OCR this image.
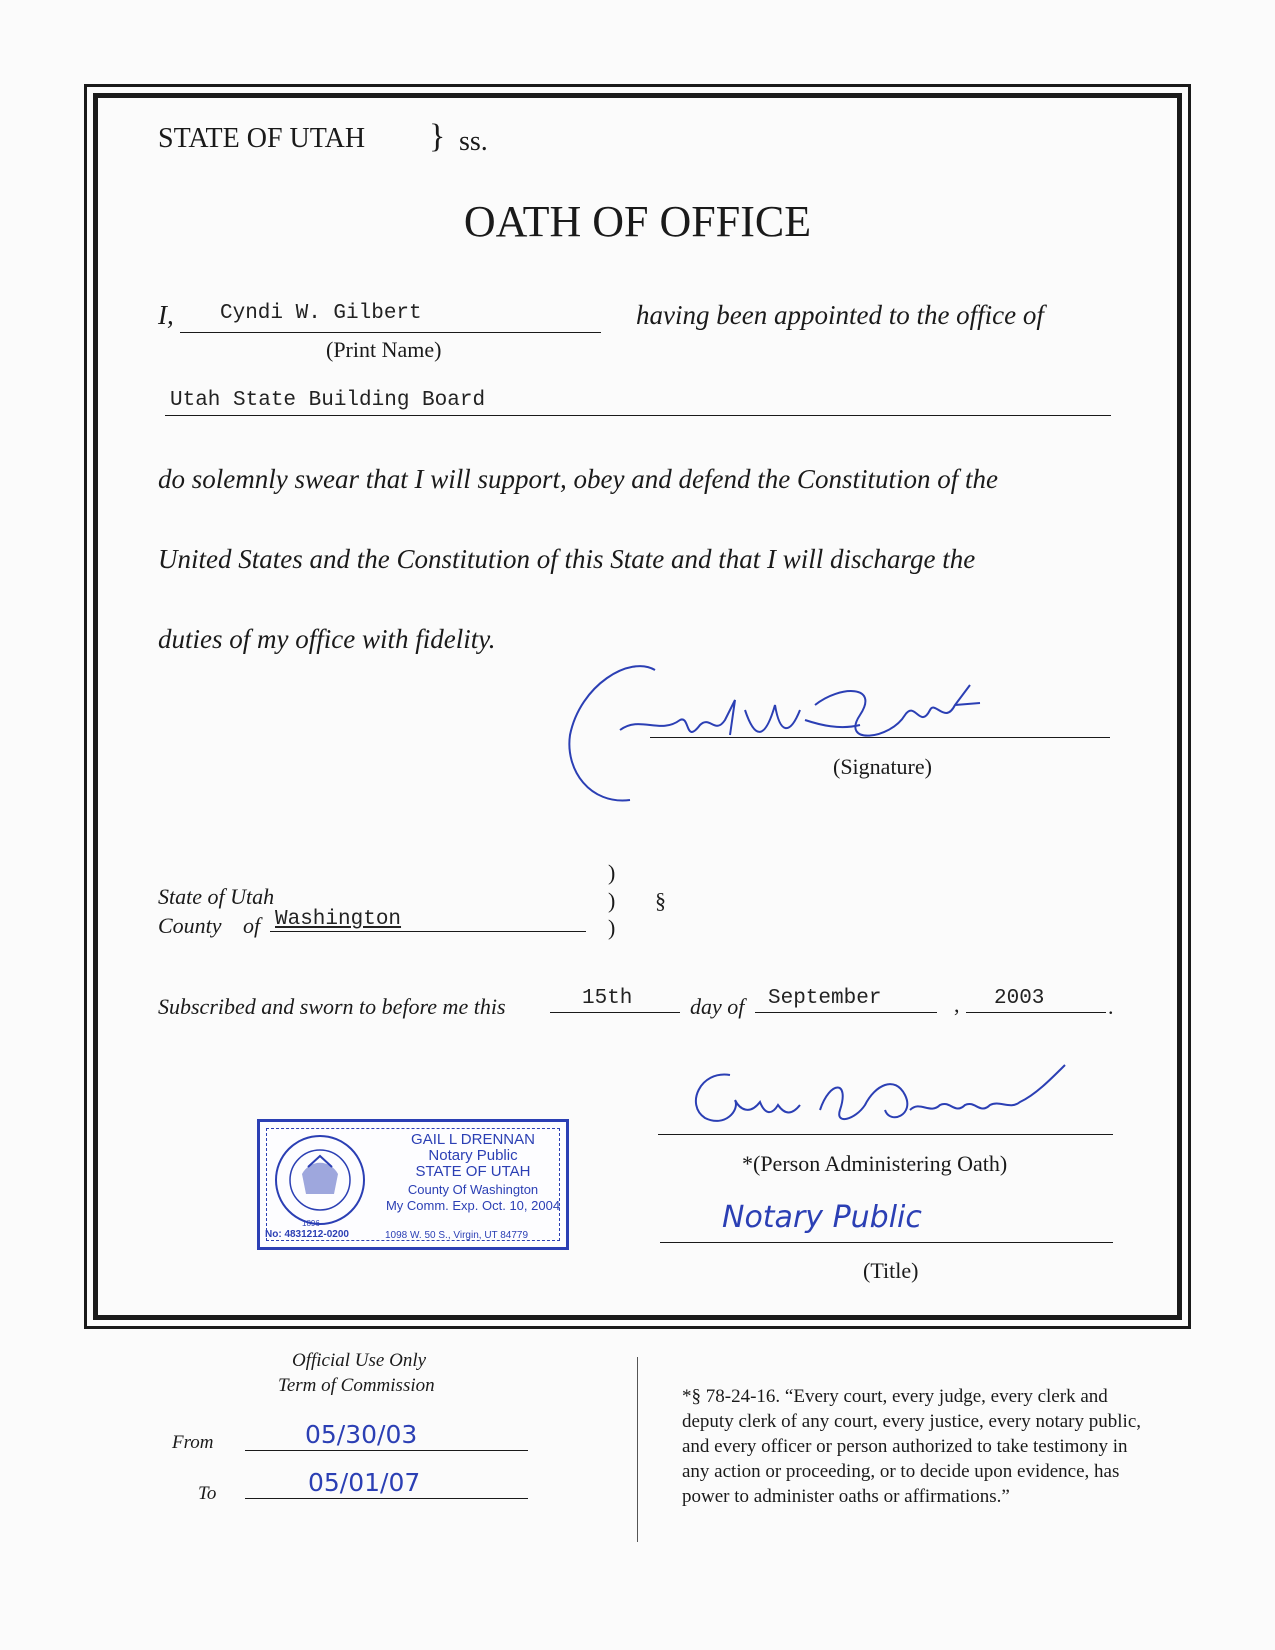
STATE OF UTAH } ss.
OATH OF OFFICE
I, Cyndi W. Gilbert
(Print Name)
having been appointed to the office of
Utah State Building Board
do solemnly swear that I will support, obey and defend the Constitution of the
United States and the Constitution of this State and that I will discharge the
duties of my office with fidelity.
(Signature)
State of Utah
County of Washington
)
)
)
§
Subscribed and sworn to before me this	15th	day of September	, 2003	.
*(Person Administering Oath)
Notary Public
(Title)
1896
GAIL L DRENNAN
Notary Public
STATE OF UTAH
County Of Washington
My Comm. Exp. Oct. 10, 2004
No: 4831212-0200	1098 W. 50 S., Virgin, UT 84779
Official Use Only
Term of Commission
From	05/30/03
To	05/01/07
*§ 78-24-16. “Every court, every judge, every clerk and
deputy clerk of any court, every justice, every notary public,
and every officer or person authorized to take testimony in
any action or proceeding, or to decide upon evidence, has
power to administer oaths or affirmations.”
